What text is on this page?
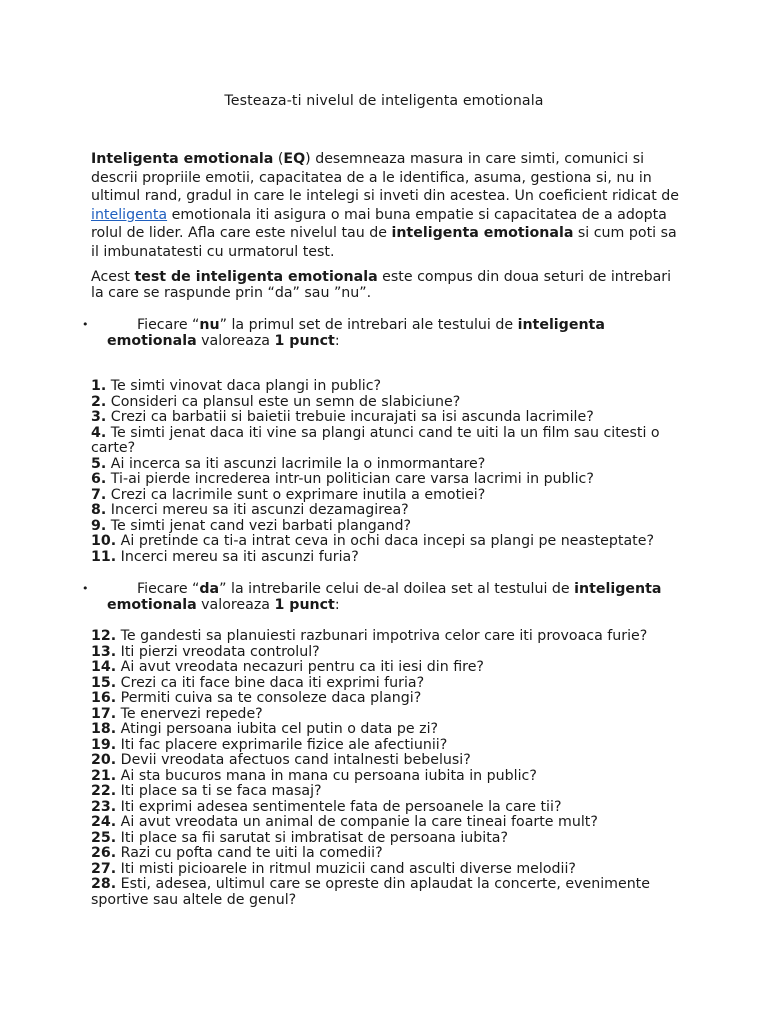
Testeaza-ti nivelul de inteligenta emotionala
Inteligenta emotionala (EQ) desemneaza masura in care simti, comunici si descrii propriile emotii, capacitatea de a le identifica, asuma, gestiona si, nu in ultimul rand, gradul in care le intelegi si inveti din acestea. Un coeficient ridicat de inteligenta emotionala iti asigura o mai buna empatie si capacitatea de a adopta rolul de lider. Afla care este nivelul tau de inteligenta emotionala si cum poti sa il imbunatatesti cu urmatorul test.
Acest test de inteligenta emotionala este compus din doua seturi de intrebari la care se raspunde prin “da” sau ”nu”.
•	Fiecare “nu” la primul set de intrebari ale testului de inteligenta emotionala valoreaza 1 punct:
1. Te simti vinovat daca plangi in public?
2. Consideri ca plansul este un semn de slabiciune?
3. Crezi ca barbatii si baietii trebuie incurajati sa isi ascunda lacrimile?
4. Te simti jenat daca iti vine sa plangi atunci cand te uiti la un film sau citesti o carte?
5. Ai incerca sa iti ascunzi lacrimile la o inmormantare?
6. Ti-ai pierde increderea intr-un politician care varsa lacrimi in public?
7. Crezi ca lacrimile sunt o exprimare inutila a emotiei?
8. Incerci mereu sa iti ascunzi dezamagirea?
9. Te simti jenat cand vezi barbati plangand?
10. Ai pretinde ca ti-a intrat ceva in ochi daca incepi sa plangi pe neasteptate?
11. Incerci mereu sa iti ascunzi furia?
•	Fiecare “da” la intrebarile celui de-al doilea set al testului de inteligenta emotionala valoreaza 1 punct:
12. Te gandesti sa planuiesti razbunari impotriva celor care iti provoaca furie?
13. Iti pierzi vreodata controlul?
14. Ai avut vreodata necazuri pentru ca iti iesi din fire?
15. Crezi ca iti face bine daca iti exprimi furia?
16. Permiti cuiva sa te consoleze daca plangi?
17. Te enervezi repede?
18. Atingi persoana iubita cel putin o data pe zi?
19. Iti fac placere exprimarile fizice ale afectiunii?
20. Devii vreodata afectuos cand intalnesti bebelusi?
21. Ai sta bucuros mana in mana cu persoana iubita in public?
22. Iti place sa ti se faca masaj?
23. Iti exprimi adesea sentimentele fata de persoanele la care tii?
24. Ai avut vreodata un animal de companie la care tineai foarte mult?
25. Iti place sa fii sarutat si imbratisat de persoana iubita?
26. Razi cu pofta cand te uiti la comedii?
27. Iti misti picioarele in ritmul muzicii cand asculti diverse melodii?
28. Esti, adesea, ultimul care se opreste din aplaudat la concerte, evenimente sportive sau altele de genul?
